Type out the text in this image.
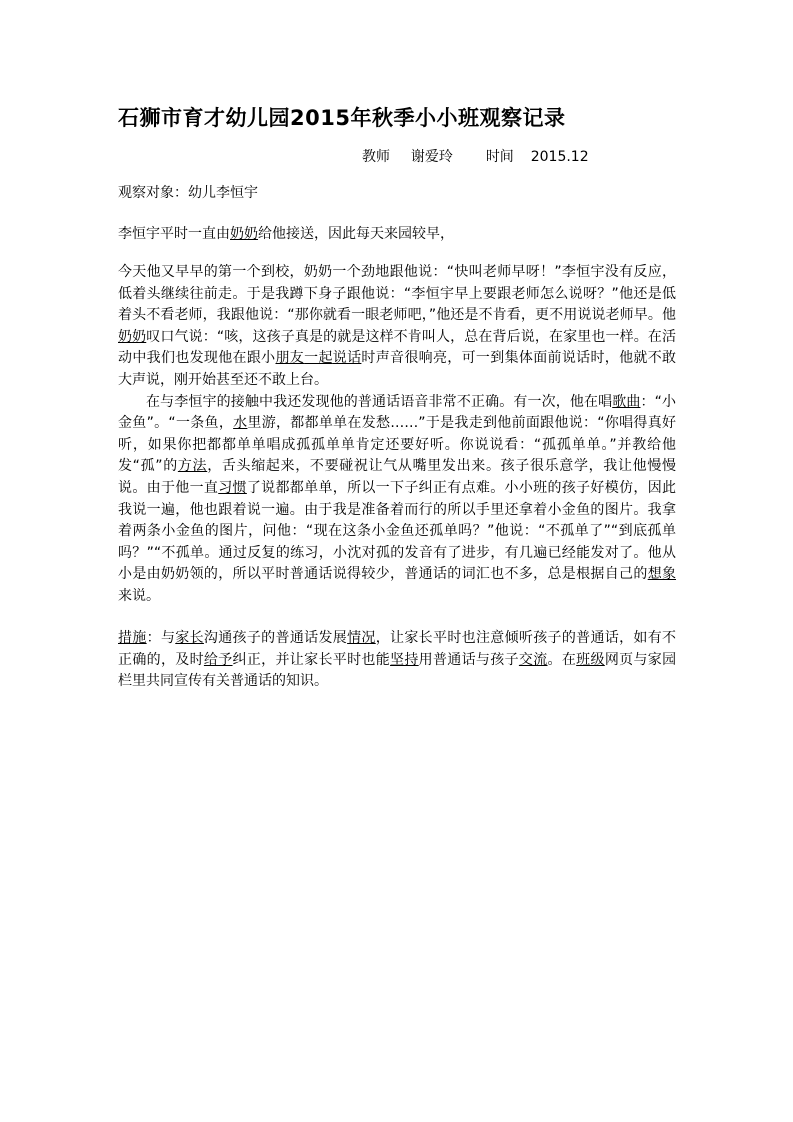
石狮市育才幼儿园2015年秋季小小班观察记录
教师 谢爱玲 时间 2015.12
观察对象：幼儿李恒宇

李恒宇平时一直由奶奶给他接送，因此每天来园较早，

今天他又早早的第一个到校，奶奶一个劲地跟他说：“快叫老师早呀！”李恒宇没有反应，低着头继续往前走。于是我蹲下身子跟他说：“李恒宇早上要跟老师怎么说呀？”他还是低着头不看老师，我跟他说：“那你就看一眼老师吧，”他还是不肯看，更不用说说老师早。他奶奶叹口气说：“咳，这孩子真是的就是这样不肯叫人，总在背后说，在家里也一样。在活动中我们也发现他在跟小朋友一起说话时声音很响亮，可一到集体面前说话时，他就不敢大声说，刚开始甚至还不敢上台。

在与李恒宇的接触中我还发现他的普通话语音非常不正确。有一次，他在唱歌曲：“小金鱼”。“一条鱼，水里游，都都单单在发愁……”于是我走到他前面跟他说：“你唱得真好听，如果你把都都单单唱成孤孤单单肯定还要好听。你说说看：“孤孤单单。”并教给他发“孤”的方法，舌头缩起来，不要碰祝让气从嘴里发出来。孩子很乐意学，我让他慢慢说。由于他一直习惯了说都都单单，所以一下子纠正有点难。小小班的孩子好模仿，因此我说一遍，他也跟着说一遍。由于我是准备着而行的所以手里还拿着小金鱼的图片。我拿着两条小金鱼的图片，问他：“现在这条小金鱼还孤单吗？”他说：“不孤单了”“到底孤单吗？”“不孤单。通过反复的练习，小沈对孤的发音有了进步，有几遍已经能发对了。他从小是由奶奶领的，所以平时普通话说得较少，普通话的词汇也不多，总是根据自己的想象来说。

措施：与家长沟通孩子的普通话发展情况，让家长平时也注意倾听孩子的普通话，如有不正确的，及时给予纠正，并让家长平时也能坚持用普通话与孩子交流。在班级网页与家园栏里共同宣传有关普通话的知识。
